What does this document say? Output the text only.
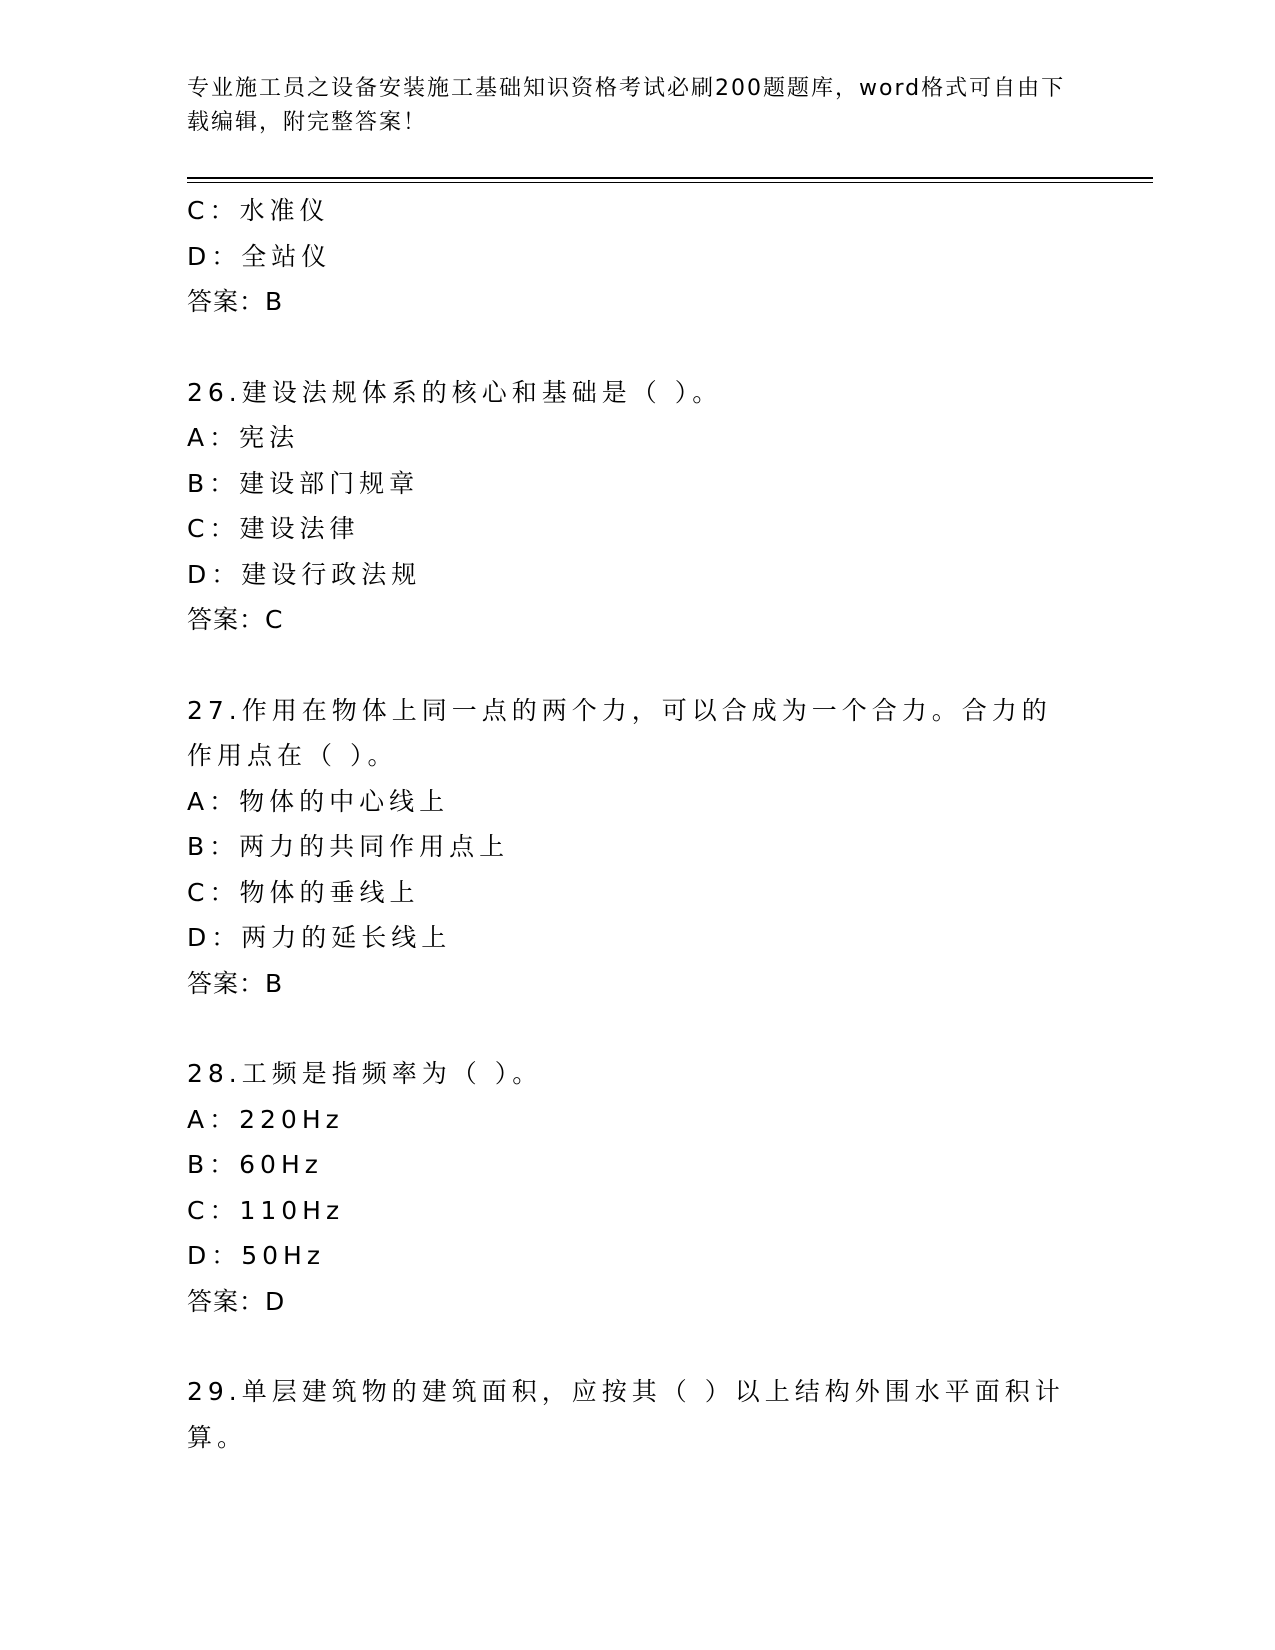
专业施工员之设备安装施工基础知识资格考试必刷200题题库，word格式可自由下载编辑，附完整答案！
C：水准仪
D：全站仪
答案：B
26.建设法规体系的核心和基础是（ ）。
A：宪法
B：建设部门规章
C：建设法律
D：建设行政法规
答案：C
27.作用在物体上同一点的两个力，可以合成为一个合力。合力的作用点在（ ）。
A：物体的中心线上
B：两力的共同作用点上
C：物体的垂线上
D：两力的延长线上
答案：B
28.工频是指频率为（ ）。
A：220Hz
B：60Hz
C：110Hz
D：50Hz
答案：D
29.单层建筑物的建筑面积，应按其（ ）以上结构外围水平面积计算。
